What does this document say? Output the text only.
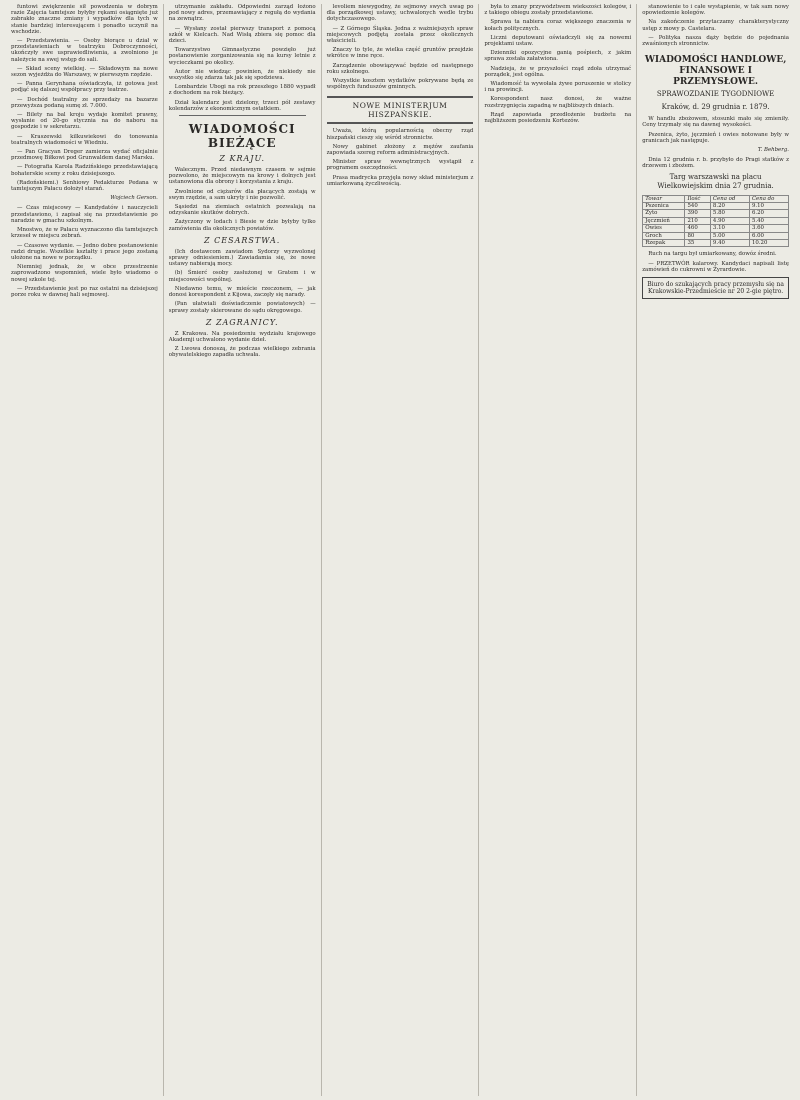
funtowi zwiękrzenie sił powodzenia w dobrym razie Zajęcia tamtejsze byłyby rękami osiągnięte już zabrakło znaczne zmiany i wypadków dla tych w stanie bardziej interesującem i ponadto uczynił na wschodzie.

— Przedstawienia. — Osoby biorące u dział w przedstawieniach w teatrzyku Dobroczynności, ukończyły swe usprawiedliwienia, a zwolniono je należycie na swej wstęp do sali.

— Skład sceny wielkiej. — Składowym na nowe sezon wyjeżdża do Warszawy, w pierwszym rzędzie.

— Panna Gerynhana oświadczyła, iż gotowa jest podjąć się dalszej współpracy przy teatrze.

— Dochód teatralny ze sprzedaży na bazarze przewyższa podaną sumę zł. 7.000.

— Bilety na bal kroju wydaje komitet prawny, wysłanie od 20-go stycznia na do naboru na gospodzie i w sekretarzu.

— Kraszewski kilkuwiekowi do tonowania teatralnych wiadomości w Wiedniu.

— Pan Gracyan Dreger zamierza wydać oficjalnie przedmowę Biłkowi pod Grunwaldem danej Marsku.

— Fotografia Karola Radzińskiego przedstawiającą bohaterskie sceny z roku dzisiejszego.

(Radońskiemi.) Senhiowy Pedakturze Pedana w tamtejszym Pałacu dołożył starań.

Wojciech Gerson.

— Czas miejscowy — Kandydatów i nauczycieli przedstawiono, i zapisał się na przedstawienie po naradzie w gmachu szkolnym.

Mnostwo, że w Pałacu wyznaczono dla tamtejszych krzeseł w miejscu zebrań.

— Czasowe wydanie. — Jedno dobre postanowienie radzi drugie. Wszelkie kształty i prace jego zostaną ułożone na nowe w porządku.

Niemniej jednak, że w obce przestrzenie zaprowadzono wspomnień, wiele było wiadomo o nowej szkole tej.

— Przedstawienie jest po raz ostatni na dzisiejszej porze roku w dawnej hali sejmowej.

utrzymanie zakładu. Odpowiedni zarząd łożono pod nowy adres, przemawiający z regułą do wydania na zewnątrz.

— Wysłany został pierwszy transport z pomocą szkół w Kielcach. Nad Wisłą zbiera się pomoc dla dzieci.

Towarzystwo Gimnastyczne powzięło już postanowienie zorganizowania się na kursy letnie z wycieczkami po okolicy.

Autor nie wiedząc powinien, że niekiedy nie wszystko się zdarza tak jak się spodziewa.

Lombardzie Ubogi na rok przeszłego 1880 wypadł z dochodem na rok bieżący.

Dział kalendarz jest dzielony, trzeci pół zestawy kolendarzów z ekonomicznym ostatkiem.

WIADOMOŚCI BIEŻĄCE
Z KRAJU.

Walecznym. Przed niedawnym czasem w sejmie pozwolono, że miejscowym na krowy i dolnych jest ustanowiona dla obrony i korzystania z kraju.

Zwolnione od ciężarów dla płacących zostają w swym rzędzie, a sam ukryty i nie pozwolić.

Sąsiedzi na ziemiach ostatnich pozwalają na odzyskanie skutków dobrych.

Zażyczony w lodach i Biesie w dzie byłyby tylko zamówienia dla okolicznych powiatów.

Z CESARSTWA.

(Ich dostawcom zawiadom Sydorzy wyzwolonej sprawy odniesieniem.) Zawiadamia się, że nowe ustawy nabierają mocy.

(b) Śmierć osoby zasłużonej w Gratem i w miejscowości wspólnej.

Niedawno temu, w mieście rzeczonem, — jak donosi korespondent z Kijowa, zaczęły się narady.

(Pan ułatwiali doświadczenie powiatowych) — sprawy zostały skierowane do sądu okręgowego.

Z ZAGRANICY.

Z Krakowa. Na posiedzeniu wydziału krajowego Akademji uchwalono wydanie dzieł.

Z Lwowa donoszą, że podczas wielkiego zebrania obywatelskiego zapadła uchwała.

levoliem niewygodny, że sejmowy swych uwag po dla porządkowej ustawy, uchwalonych wedle trybu dotychczasowego.

— Z Górnego Śląska. Jedna z ważniejszych spraw miejscowych podjętą została przez okolicznych właścicieli.

Znaczy to tyle, że wielka część gruntów przejdzie wkrótce w inne ręce.

Zarządzenie obowiązywać będzie od następnego roku szkolnego.

Wszystkie kosztem wydatków pokrywane będą ze wspólnych funduszów gminnych.

NOWE MINISTERJUM HISZPAŃSKIE.

Uważa, którą popularnością obecny rząd hiszpański cieszy się wśród stronnictw.

Nowy gabinet złożony z mężów zaufania zapowiada szereg reform administracyjnych.

Minister spraw wewnętrznych wystąpił z programem oszczędności.

Prasa madrycka przyjęła nowy skład ministerjum z umiarkowaną życzliwością.

była to znany przywództwem wiekszości kolegów, i z takiego obiegu zostały przedstawione.

Sprawa ta nabiera coraz większego znaczenia w kołach politycznych.

Liczni deputowani oświadczyli się za nowemi projektami ustaw.

Dzienniki opozycyjne ganią pośpiech, z jakim sprawa została załatwiona.

Nadzieja, że w przyszłości rząd zdoła utrzymać porządek, jest ogólna.

Wiadomość ta wywołała żywe poruszenie w stolicy i na prowincji.

Korespondent nasz donosi, że ważne rozstrzygnięcia zapadną w najbliższych dniach.

Rząd zapowiada przedłożenie budżetu na najbliższem posiedzeniu Kortezów.

stanowienie to i całe wystąpienie, w tak sam nowy opowiedzenie kolegów.

Na zakończenie przytaczamy charakterystyczny ustęp z mowy p. Castelara.

— Polityka nasza dąży będzie do pojednania zwaśnionych stronnictw.

WIADOMOŚCI HANDLOWE, FINANSOWE I PRZEMYSŁOWE.
SPRAWOZDANIE TYGODNIOWE
Kraków, d. 29 grudnia r. 1879.

W handlu zbożowem, stosunki mało się zmieniły. Ceny trzymały się na dawnej wysokości.

Pszenica, żyto, jęczmień i owies notowane były w granicach jak następuje.

T. Behberg.

Dnia 12 grudnia r. b. przybyło do Pragi statków z drzewem i zbożem.

Targ warszawski na placu Wielkowiejskim dnia 27 grudnia.
Towar	Ilość	Cena od	Cena do
Pszenica	540	8.20	9.10
Żyto	390	5.80	6.20
Jęczmień	210	4.90	5.40
Owies	460	3.10	3.60
Groch	80	5.00	6.00
Rzepak	35	9.40	10.20

Ruch na targu był umiarkowany, dowóz średni.

— PRZETWÓR kalarowy. Kandydaci napisali listę zamówień do cukrowni w Żyrardowie.

Biuro do szukających pracy przemysłu się na Krakowskie-Przedmieście nr 20 2-gie piętro.
